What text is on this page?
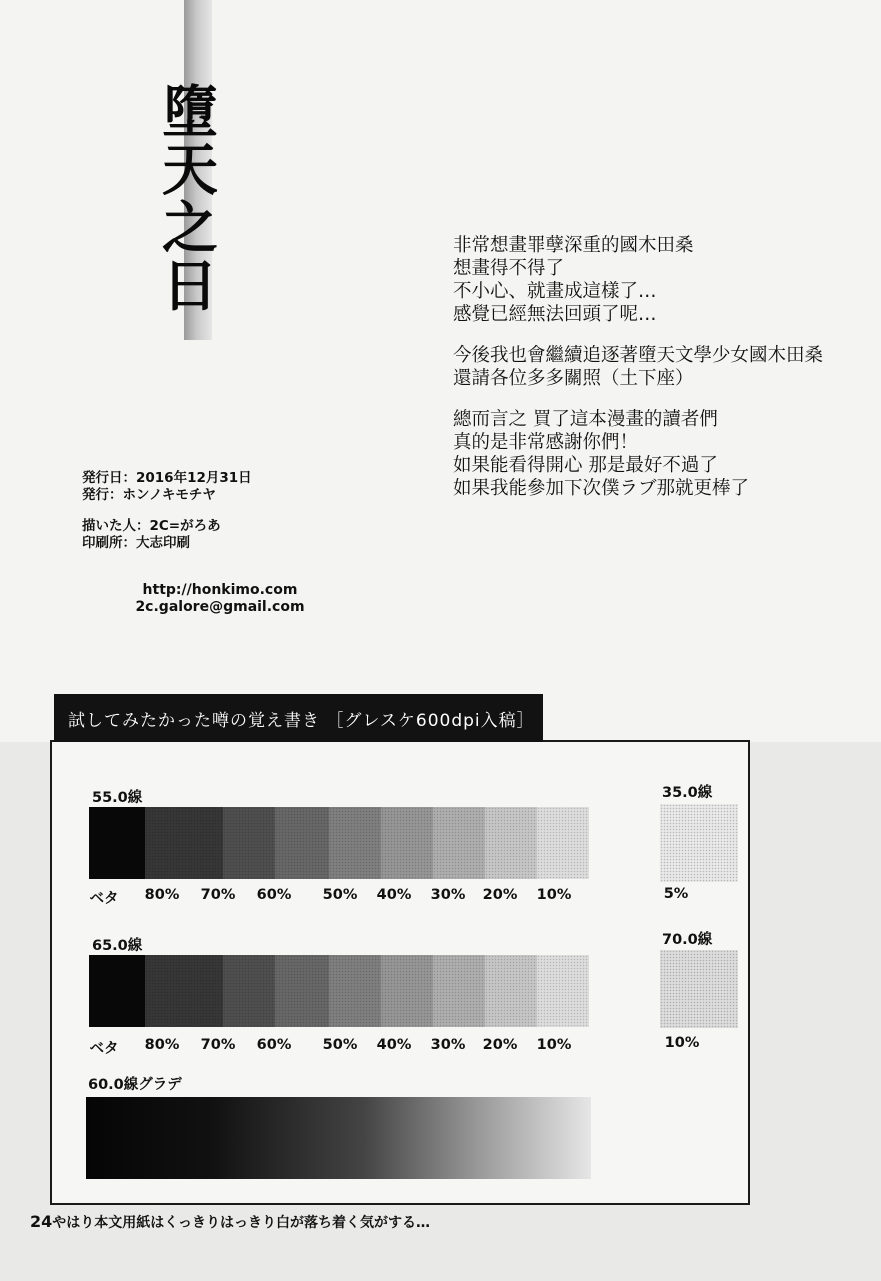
墮天之日	非常想畫罪孽深重的國木田桑
想畫得不得了
不小心、就畫成這樣了…
感覺已經無法回頭了呢…
今後我也會繼續追逐著墮天文學少女國木田桑
還請各位多多關照（土下座）
總而言之 買了這本漫畫的讀者們
真的是非常感謝你們！
如果能看得開心 那是最好不過了
如果我能參加下次僕ラブ那就更棒了
発行日：2016年12月31日
発行：ホンノキモチヤ
描いた人：2C=がろあ
印刷所：大志印刷
http://honkimo.com
2c.galore@gmail.com
試してみたかった噂の覚え書き ［グレスケ600dpi入稿］
55.0線
ベタ	80%	70%	60%	50%	40%	30%	20%	10%
35.0線
5%
65.0線
ベタ	80%	70%	60%	50%	40%	30%	20%	10%
70.0線
10%
60.0線グラデ
24やはり本文用紙はくっきりはっきり白が落ち着く気がする…
